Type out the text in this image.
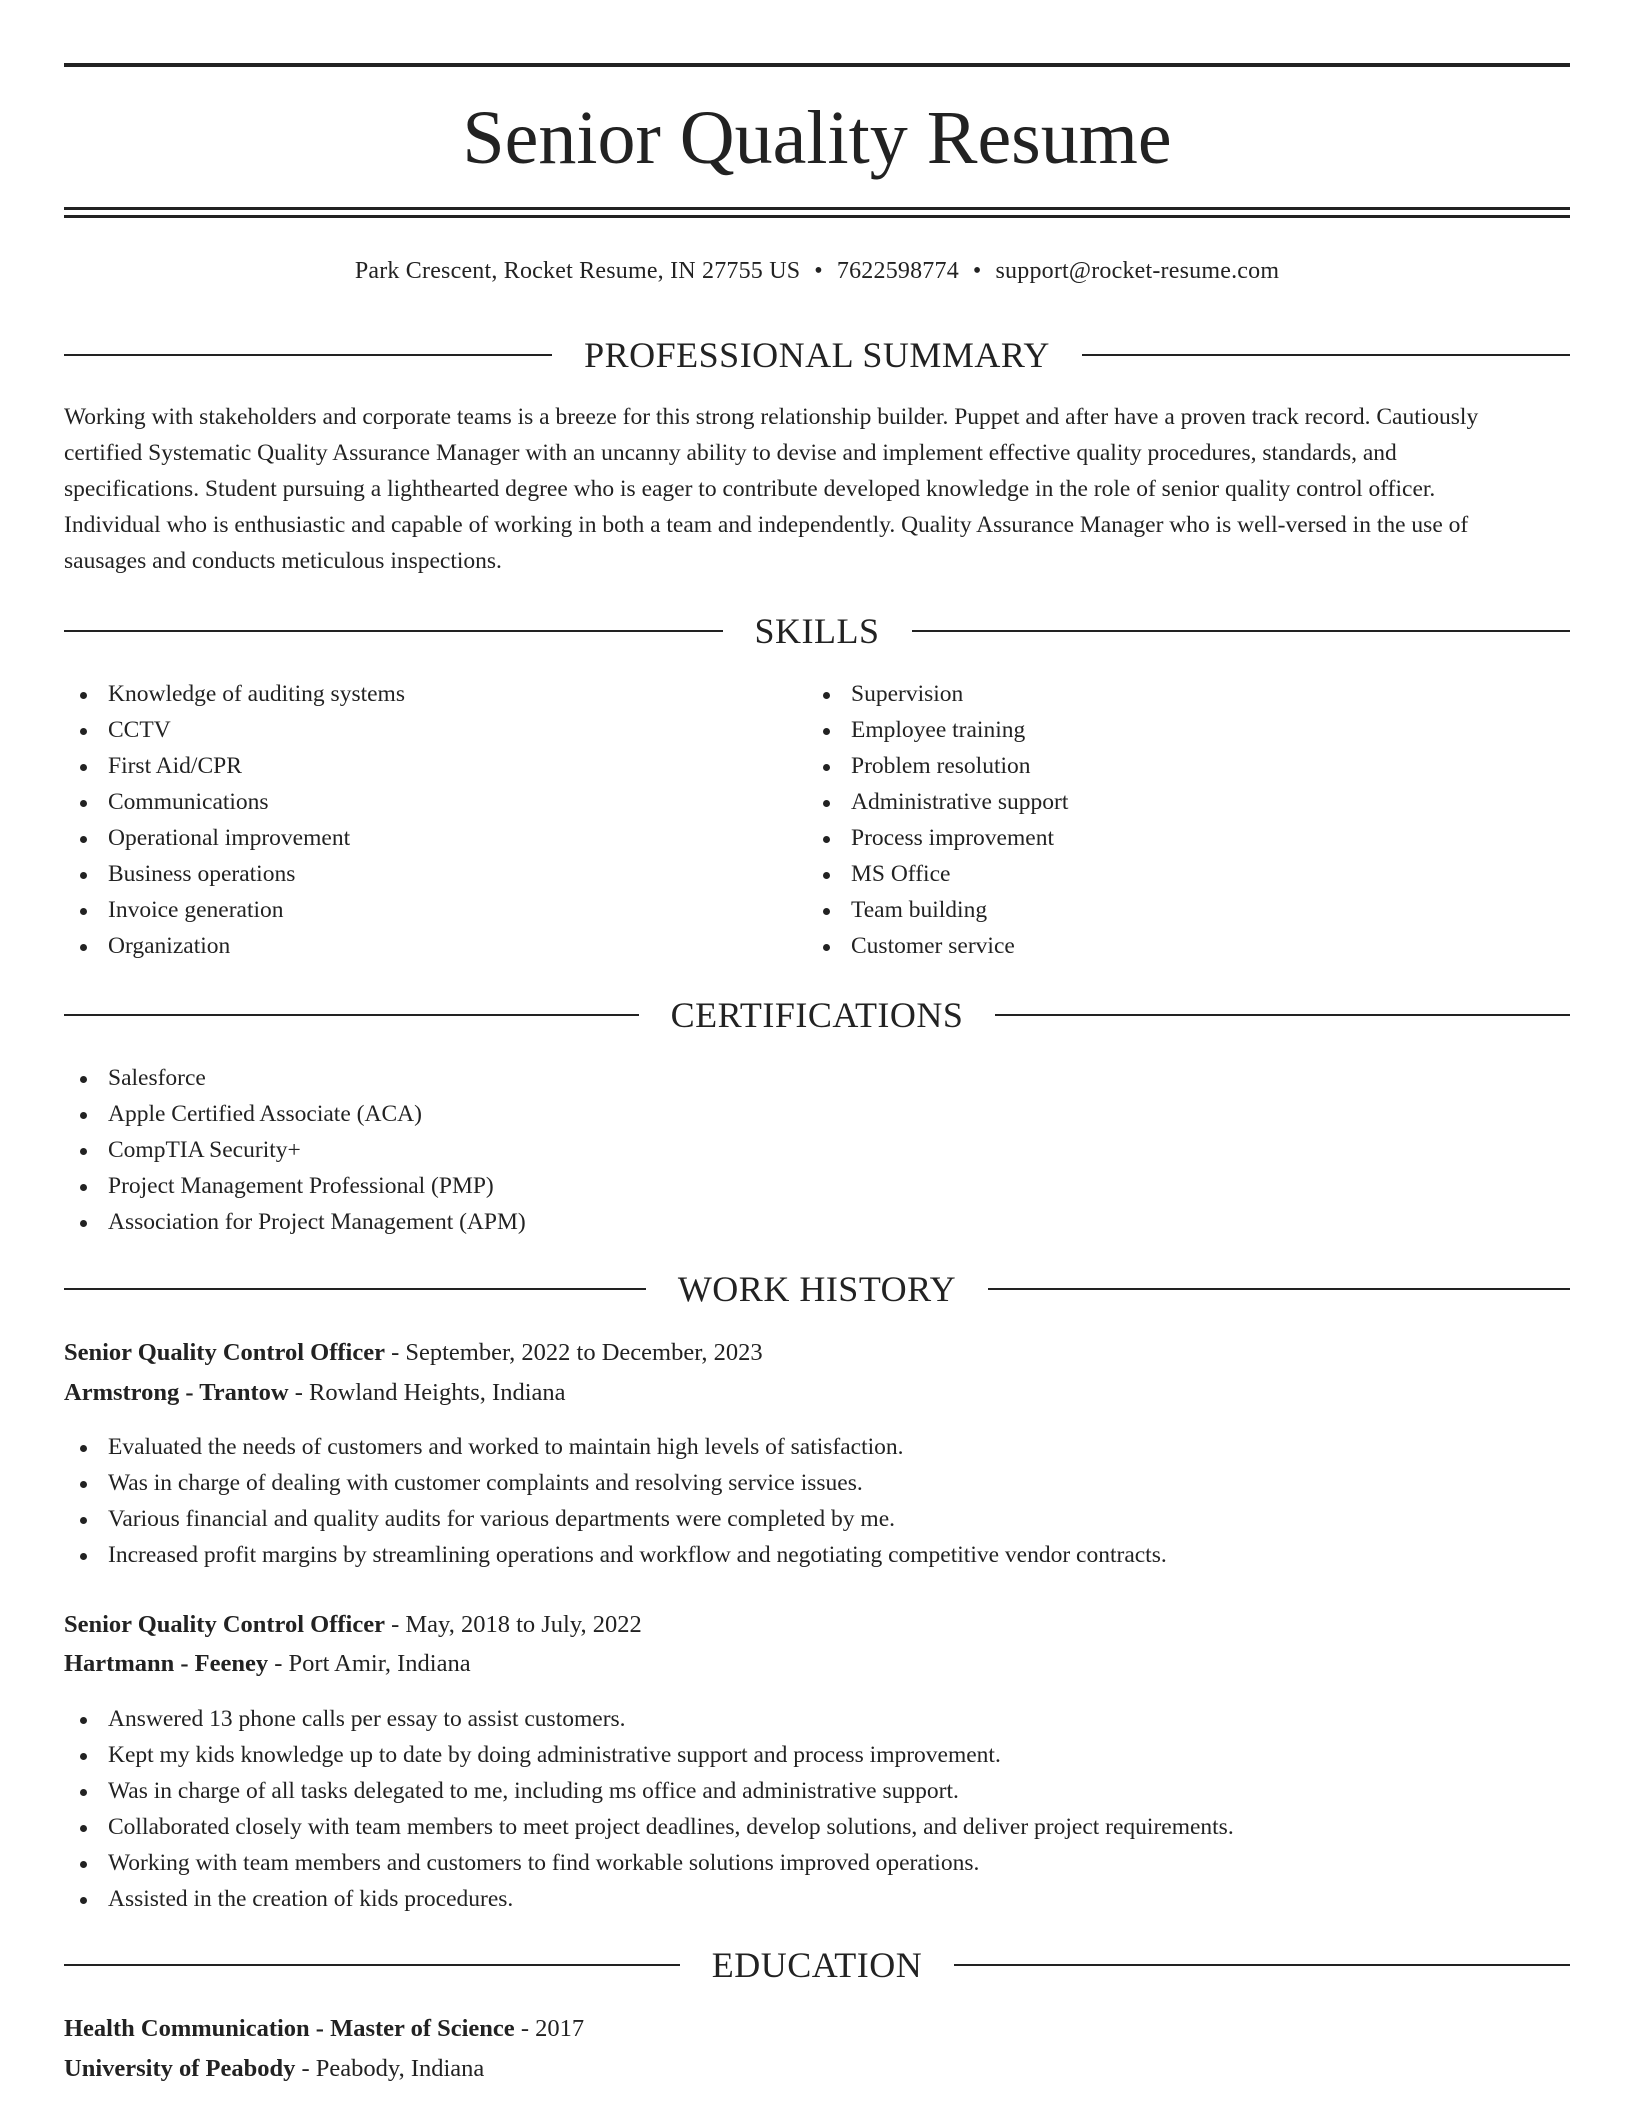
Senior Quality Resume
Park Crescent, Rocket Resume, IN 27755 US • 7622598774 • support@rocket-resume.com
PROFESSIONAL SUMMARY

Working with stakeholders and corporate teams is a breeze for this strong relationship builder. Puppet and after have a proven track record. Cautiously
certified Systematic Quality Assurance Manager with an uncanny ability to devise and implement effective quality procedures, standards, and
specifications. Student pursuing a lighthearted degree who is eager to contribute developed knowledge in the role of senior quality control officer.
Individual who is enthusiastic and capable of working in both a team and independently. Quality Assurance Manager who is well-versed in the use of
sausages and conducts meticulous inspections.

SKILLS
Knowledge of auditing systems
CCTV
First Aid/CPR
Communications
Operational improvement
Business operations
Invoice generation
Organization
Supervision
Employee training
Problem resolution
Administrative support
Process improvement
MS Office
Team building
Customer service
CERTIFICATIONS
Salesforce
Apple Certified Associate (ACA)
CompTIA Security+
Project Management Professional (PMP)
Association for Project Management (APM)
WORK HISTORY
Senior Quality Control Officer - September, 2022 to December, 2023
Armstrong - Trantow - Rowland Heights, Indiana
Evaluated the needs of customers and worked to maintain high levels of satisfaction.
Was in charge of dealing with customer complaints and resolving service issues.
Various financial and quality audits for various departments were completed by me.
Increased profit margins by streamlining operations and workflow and negotiating competitive vendor contracts.
Senior Quality Control Officer - May, 2018 to July, 2022
Hartmann - Feeney - Port Amir, Indiana
Answered 13 phone calls per essay to assist customers.
Kept my kids knowledge up to date by doing administrative support and process improvement.
Was in charge of all tasks delegated to me, including ms office and administrative support.
Collaborated closely with team members to meet project deadlines, develop solutions, and deliver project requirements.
Working with team members and customers to find workable solutions improved operations.
Assisted in the creation of kids procedures.
EDUCATION
Health Communication - Master of Science - 2017
University of Peabody - Peabody, Indiana
